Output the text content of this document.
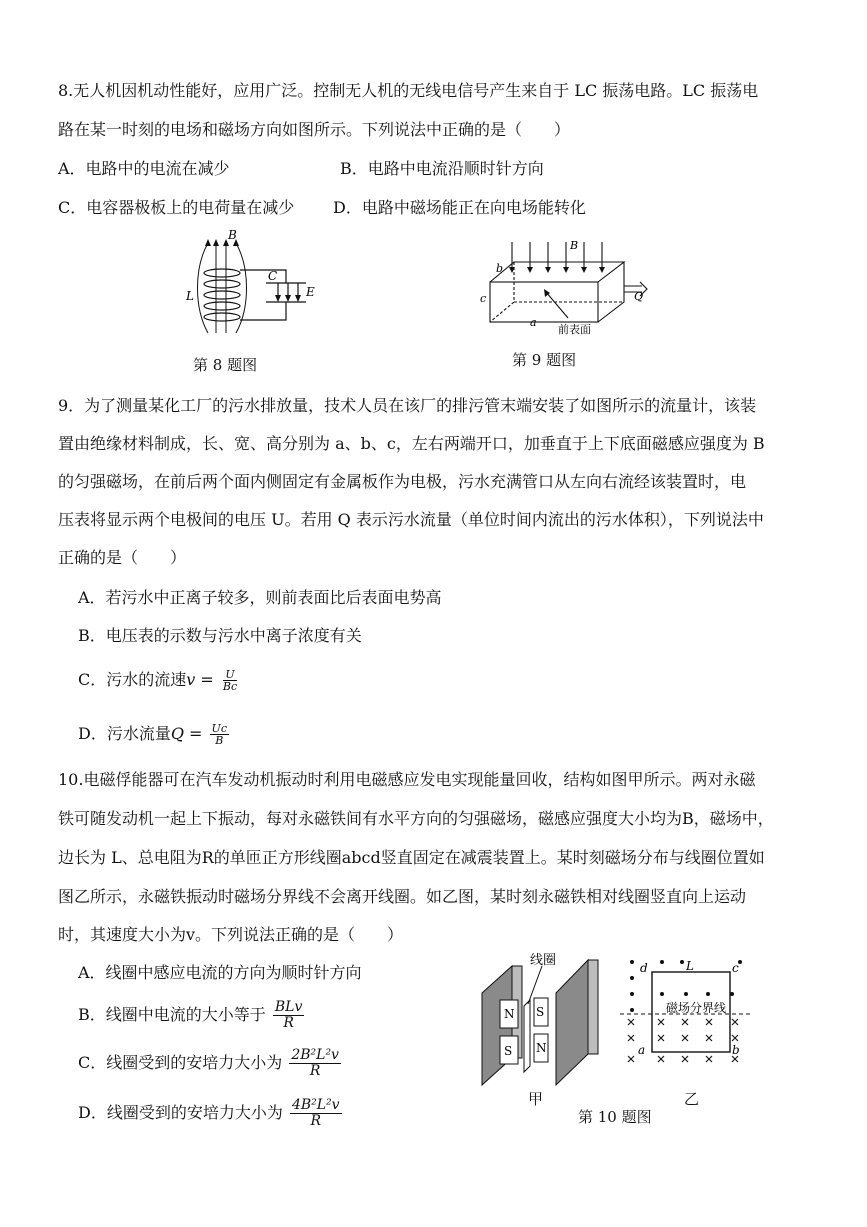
8.无人机因机动性能好，应用广泛。控制无人机的无线电信号产生来自于 LC 振荡电路。LC 振荡电
路在某一时刻的电场和磁场方向如图所示。下列说法中正确的是（　　）
A．电路中的电流在减少	B．电路中电流沿顺时针方向
C．电容器极板上的电荷量在减少 D．电路中磁场能正在向电场能转化
B
L
C
E
第 8 题图
B
b
c
a
Q
前表面
第 9 题图
9．为了测量某化工厂的污水排放量，技术人员在该厂的排污管末端安装了如图所示的流量计，该装
置由绝缘材料制成，长、宽、高分别为 a、b、c，左右两端开口，加垂直于上下底面磁感应强度为 B
的匀强磁场，在前后两个面内侧固定有金属板作为电极，污水充满管口从左向右流经该装置时，电
压表将显示两个电极间的电压 U。若用 Q 表示污水流量（单位时间内流出的污水体积），下列说法中
正确的是（　　）
A．若污水中正离子较多，则前表面比后表面电势高
B．电压表的示数与污水中离子浓度有关
C．污水的流速$v = \frac{U}{Bc}$
D．污水流量$Q = \frac{Uc}{B}$
10.电磁俘能器可在汽车发动机振动时利用电磁感应发电实现能量回收，结构如图甲所示。两对永磁
铁可随发动机一起上下振动，每对永磁铁间有水平方向的匀强磁场，磁感应强度大小均为B，磁场中，
边长为 L、总电阻为R的单匝正方形线圈abcd竖直固定在减震装置上。某时刻磁场分布与线圈位置如
图乙所示，永磁铁振动时磁场分界线不会离开线圈。如乙图，某时刻永磁铁相对线圈竖直向上运动
时，其速度大小为v。下列说法正确的是（　　）
A．线圈中感应电流的方向为顺时针方向
B．线圈中电流的大小等于 $\frac{\text{BLv}}{R}$
C．线圈受到的安培力大小为 $\frac{\text{2B²L²v}}{R}$
D．线圈受到的安培力大小为 $\frac{\text{4B²L²v}}{R}$
N
S
S
N
线圈
甲
L
d	c
a	b
磁场分界线
乙
第 10 题图
